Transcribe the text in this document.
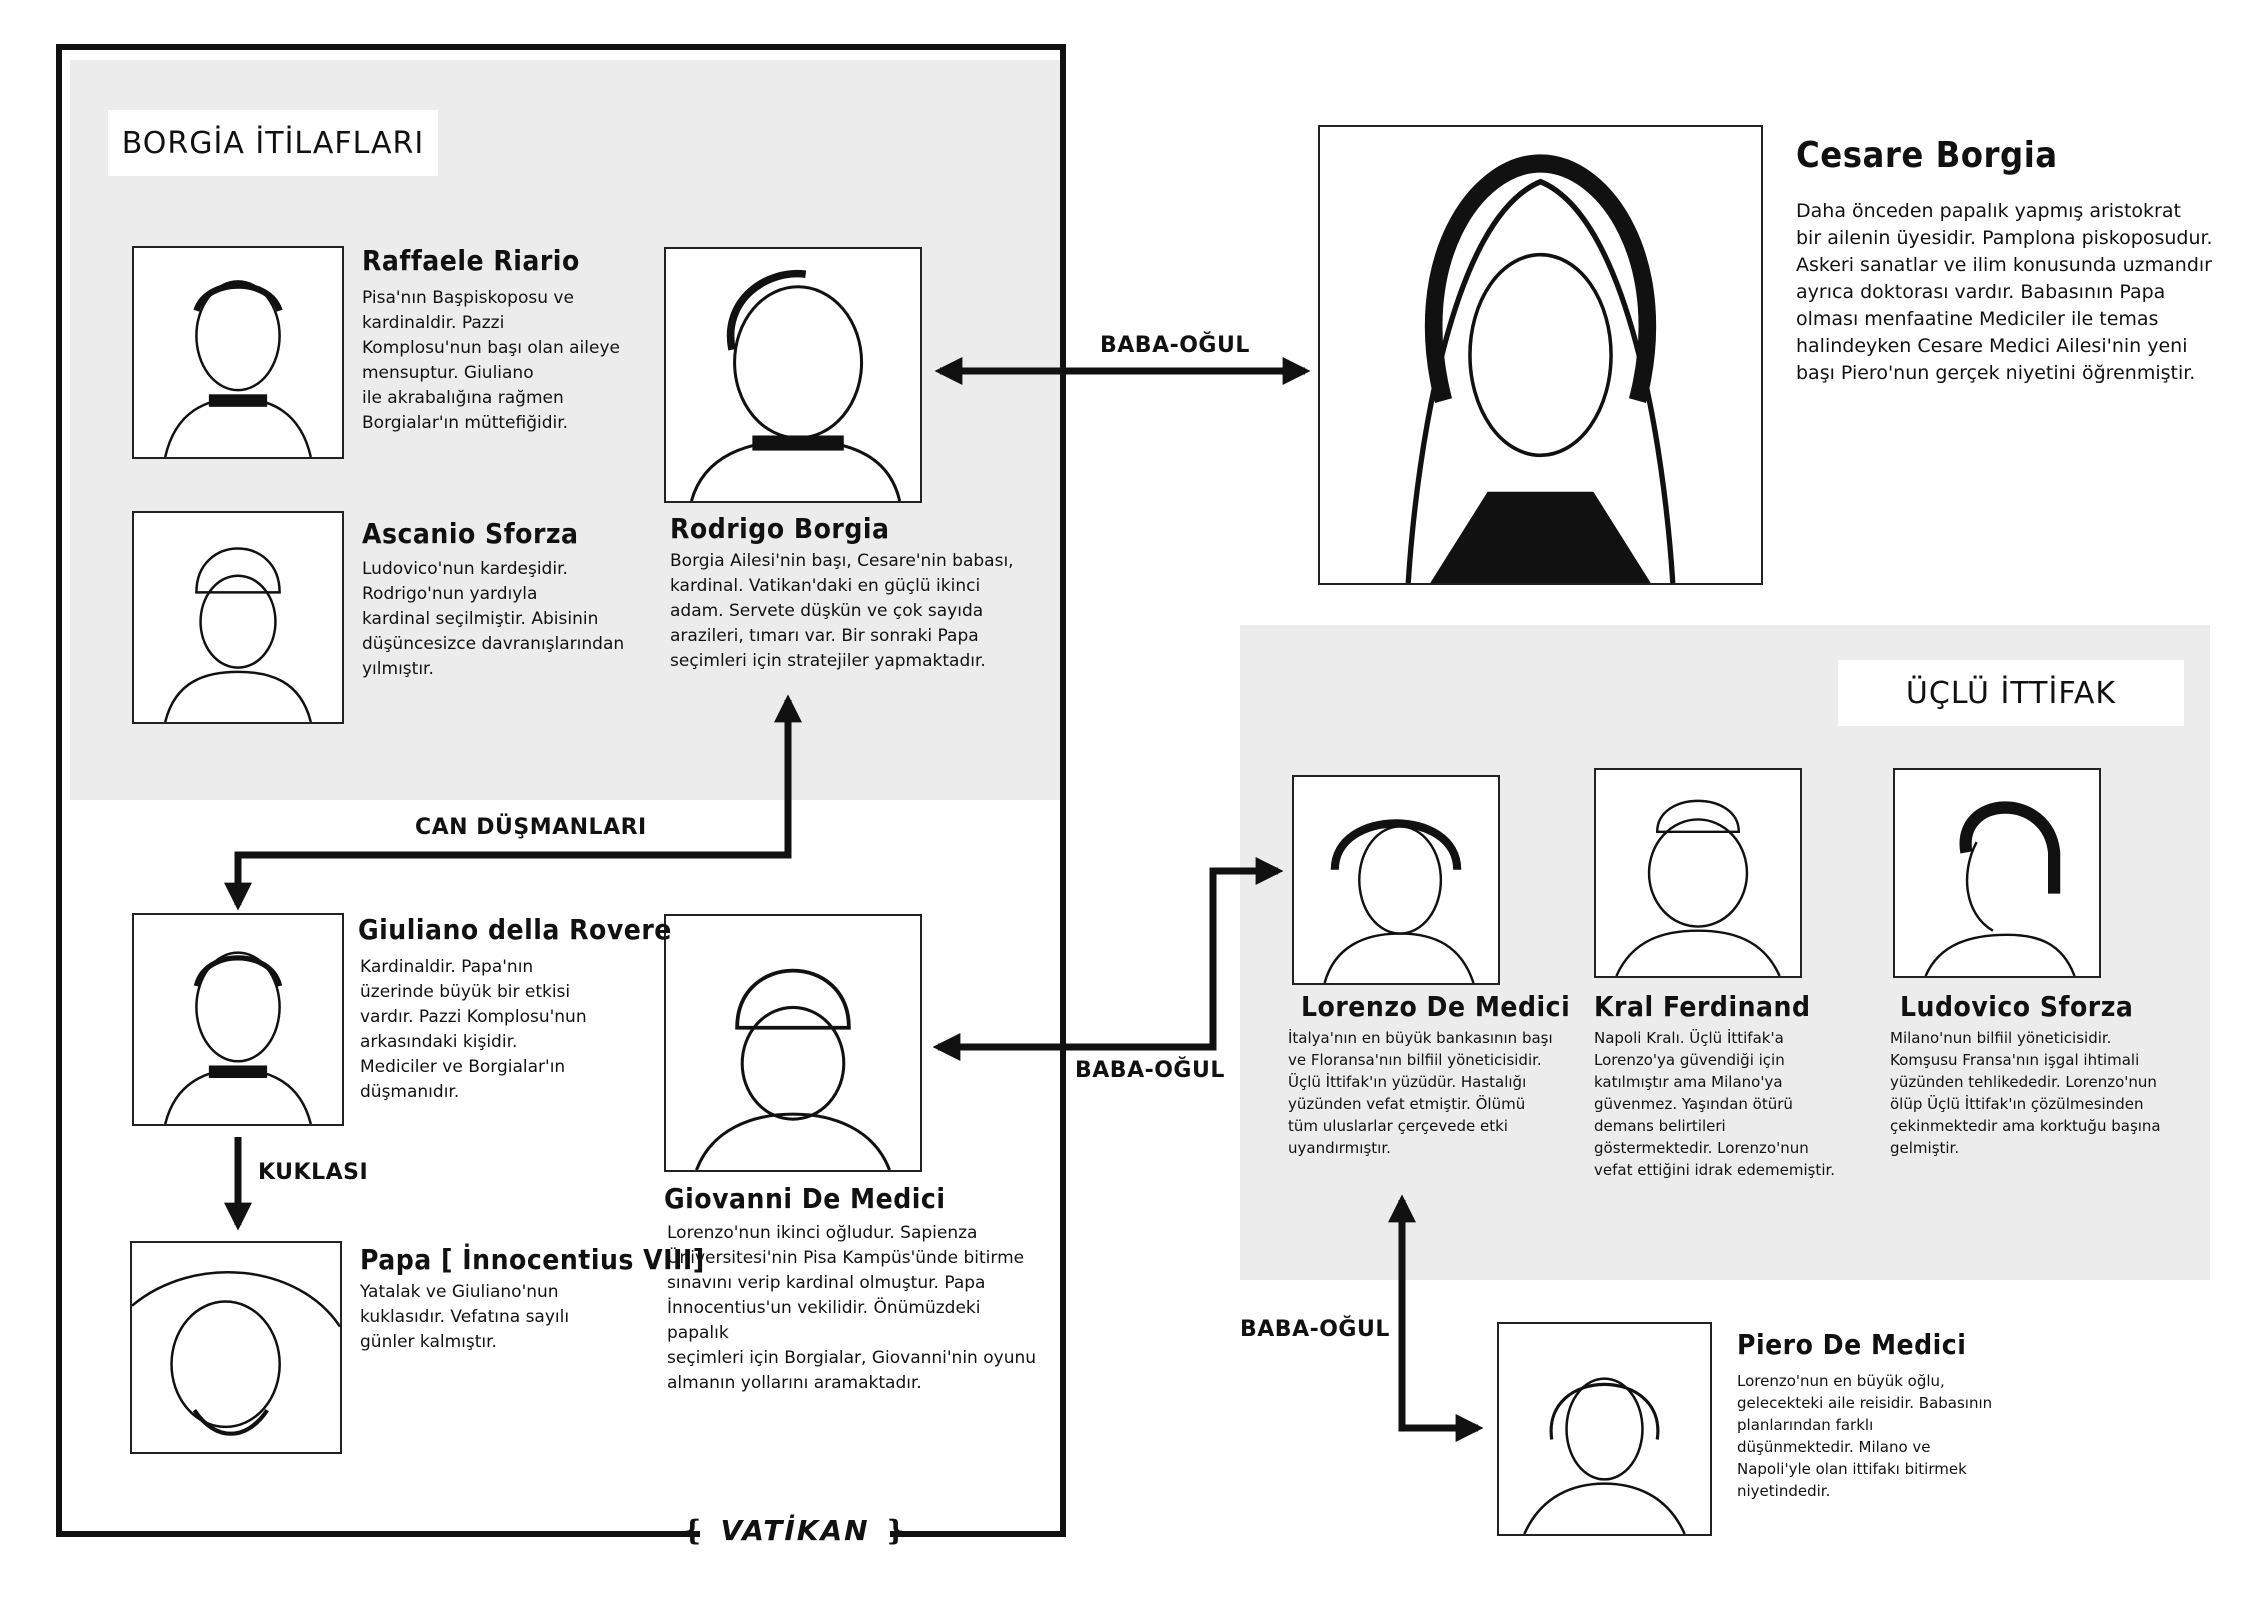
BORGİA İTİLAFLARI
ÜÇLÜ İTTİFAK
❴ VATİKAN ❵
BABA-OĞUL
CAN DÜŞMANLARI
KUKLASI
BABA-OĞUL
BABA-OĞUL
Cesare Borgia
Daha önceden papalık yapmış aristokrat
bir ailenin üyesidir. Pamplona piskoposudur.
Askeri sanatlar ve ilim konusunda uzmandır
ayrıca doktorası vardır. Babasının Papa
olması menfaatine Mediciler ile temas
halindeyken Cesare Medici Ailesi'nin yeni
başı Piero'nun gerçek niyetini öğrenmiştir.
Raffaele Riario
Pisa'nın Başpiskoposu ve
kardinaldir. Pazzi
Komplosu'nun başı olan aileye
mensuptur. Giuliano
ile akrabalığına rağmen
Borgialar'ın müttefiğidir.
Ascanio Sforza
Ludovico'nun kardeşidir.
Rodrigo'nun yardıyla
kardinal seçilmiştir. Abisinin
düşüncesizce davranışlarından
yılmıştır.
Rodrigo Borgia
Borgia Ailesi'nin başı, Cesare'nin babası,
kardinal. Vatikan'daki en güçlü ikinci
adam. Servete düşkün ve çok sayıda
arazileri, tımarı var. Bir sonraki Papa
seçimleri için stratejiler yapmaktadır.
Giuliano della Rovere
Kardinaldir. Papa'nın
üzerinde büyük bir etkisi
vardır. Pazzi Komplosu'nun
arkasındaki kişidir.
Mediciler ve Borgialar'ın
düşmanıdır.
Papa [ İnnocentius VIII]
Yatalak ve Giuliano'nun
kuklasıdır. Vefatına sayılı
günler kalmıştır.
Giovanni De Medici
Lorenzo'nun ikinci oğludur. Sapienza
Üniversitesi'nin Pisa Kampüs'ünde bitirme
sınavını verip kardinal olmuştur. Papa
İnnocentius'un vekilidir. Önümüzdeki papalık
seçimleri için Borgialar, Giovanni'nin oyunu
almanın yollarını aramaktadır.
Lorenzo De Medici
İtalya'nın en büyük bankasının başı
ve Floransa'nın bilfiil yöneticisidir.
Üçlü İttifak'ın yüzüdür. Hastalığı
yüzünden vefat etmiştir. Ölümü
tüm uluslarlar çerçevede etki
uyandırmıştır.
Kral Ferdinand
Napoli Kralı. Üçlü İttifak'a
Lorenzo'ya güvendiği için
katılmıştır ama Milano'ya
güvenmez. Yaşından ötürü
demans belirtileri
göstermektedir. Lorenzo'nun
vefat ettiğini idrak edememiştir.
Ludovico Sforza
Milano'nun bilfiil yöneticisidir.
Komşusu Fransa'nın işgal ihtimali
yüzünden tehlikededir. Lorenzo'nun
ölüp Üçlü İttifak'ın çözülmesinden
çekinmektedir ama korktuğu başına
gelmiştir.
Piero De Medici
Lorenzo'nun en büyük oğlu,
gelecekteki aile reisidir. Babasının
planlarından farklı
düşünmektedir. Milano ve
Napoli'yle olan ittifakı bitirmek
niyetindedir.
